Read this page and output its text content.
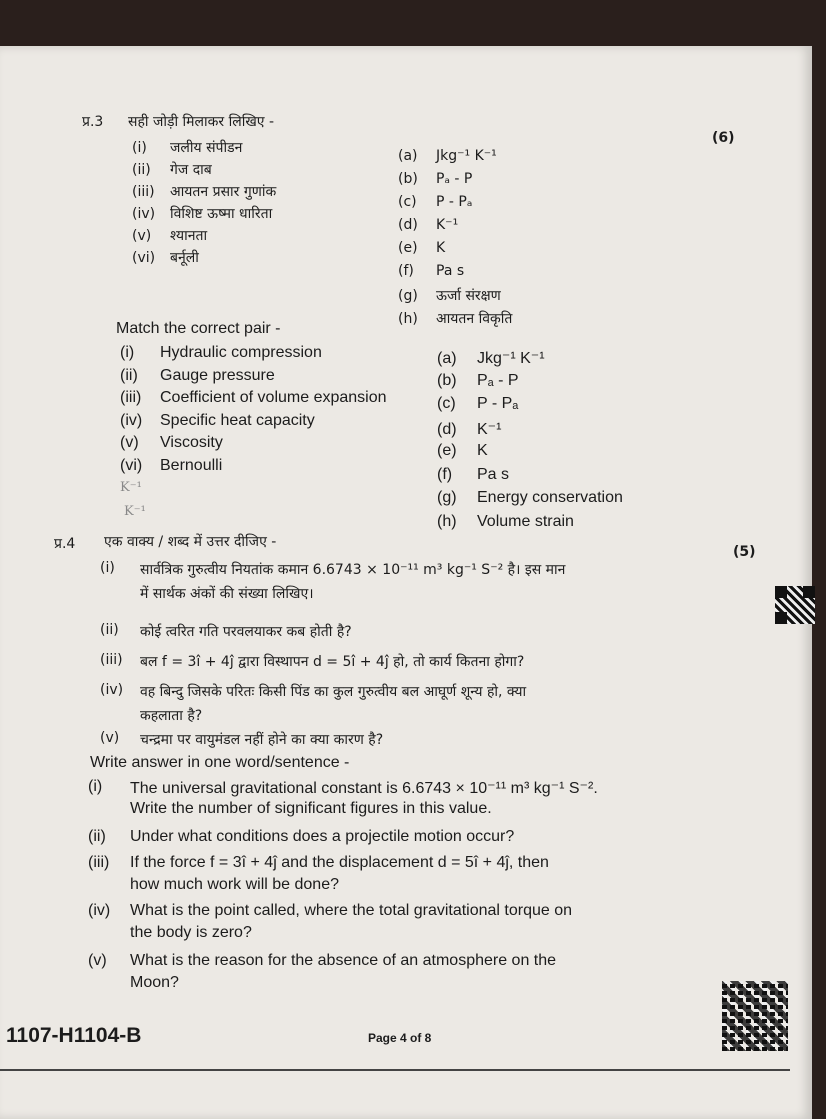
प्र.3 सही जोड़ी मिलाकर लिखिए -
(6)
(i) जलीय संपीडन
(ii) गेज दाब
(iii) आयतन प्रसार गुणांक
(iv) विशिष्ट ऊष्मा धारिता
(v) श्यानता
(vi) बर्नूली
(a) Jkg⁻¹ K⁻¹
(b) Pₐ - P
(c) P - Pₐ
(d) K⁻¹
(e) K
(f) Pa s
(g) ऊर्जा संरक्षण
(h) आयतन विकृति
Match the correct pair -
(i) Hydraulic compression
(ii) Gauge pressure
(iii) Coefficient of volume expansion
(iv) Specific heat capacity
(v) Viscosity
(vi) Bernoulli
(a) Jkg⁻¹ K⁻¹
(b) Pₐ - P
(c) P - Pₐ
(d) K⁻¹
(e) K
(f) Pa s
(g) Energy conservation
(h) Volume strain
K⁻¹
K⁻¹
प्र.4 एक वाक्य / शब्द में उत्तर दीजिए -
(5)
(i) सार्वत्रिक गुरुत्वीय नियतांक कमान 6.6743 × 10⁻¹¹ m³ kg⁻¹ S⁻² है। इस मान
में सार्थक अंकों की संख्या लिखिए।
(ii) कोई त्वरित गति परवलयाकर कब होती है?
(iii) बल f = 3î + 4ĵ द्वारा विस्थापन d = 5î + 4ĵ हो, तो कार्य कितना होगा?
(iv) वह बिन्दु जिसके परितः किसी पिंड का कुल गुरुत्वीय बल आघूर्ण शून्य हो, क्या
कहलाता है?
(v) चन्द्रमा पर वायुमंडल नहीं होने का क्या कारण है?
Write answer in one word/sentence -
(i) The universal gravitational constant is 6.6743 × 10⁻¹¹ m³ kg⁻¹ S⁻².
Write the number of significant figures in this value.
(ii) Under what conditions does a projectile motion occur?
(iii) If the force f = 3î + 4ĵ and the displacement d = 5î + 4ĵ, then
how much work will be done?
(iv) What is the point called, where the total gravitational torque on
the body is zero?
(v) What is the reason for the absence of an atmosphere on the
Moon?
1107-H1104-B	Page 4 of 8
